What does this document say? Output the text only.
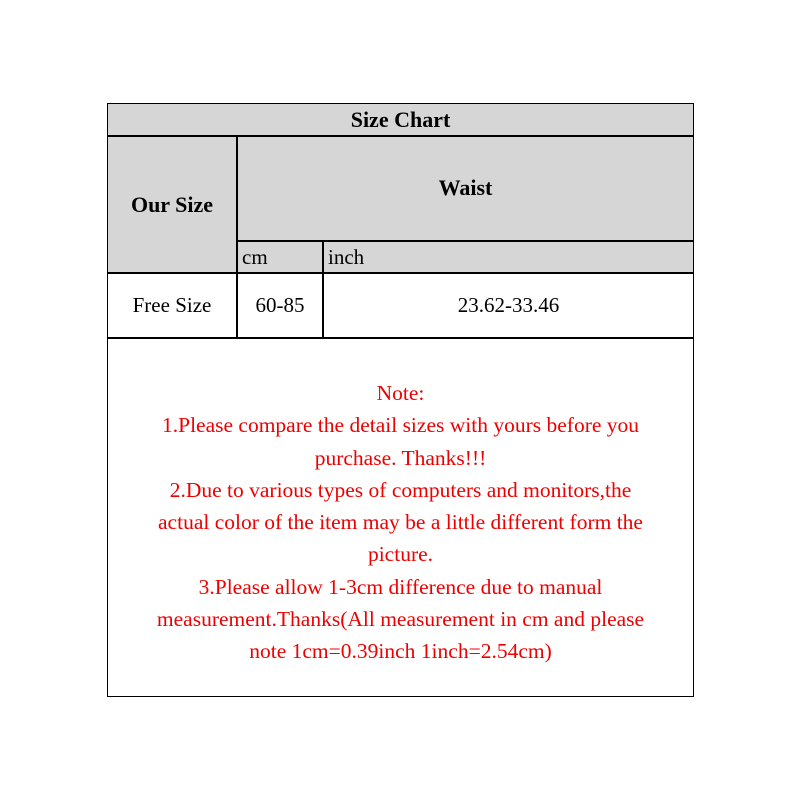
Size Chart
Our Size
Waist
cm	inch
Free Size	60-85	23.62-33.46
Note:
1.Please compare the detail sizes with yours before you
purchase. Thanks!!!
2.Due to various types of computers and monitors,the
actual color of the item may be a little different form the
picture.
3.Please allow 1-3cm difference due to manual
measurement.Thanks(All measurement in cm and please
note 1cm=0.39inch 1inch=2.54cm)
